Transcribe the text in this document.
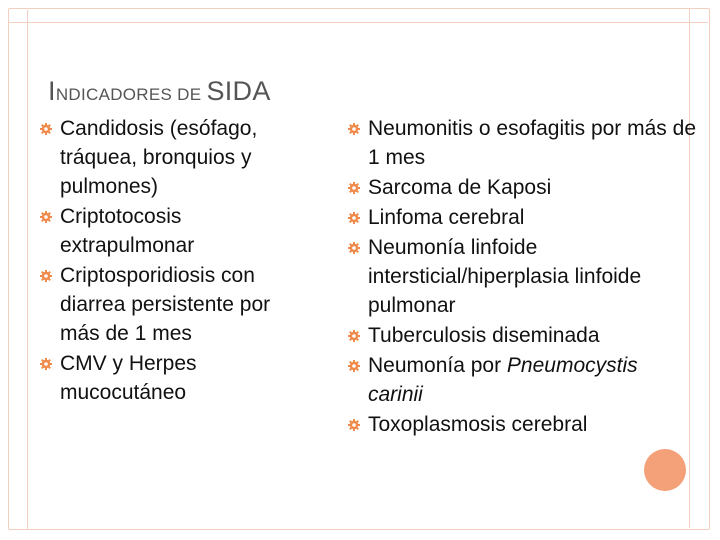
INDICADORES DE SIDA
Candidosis (esófago, tráquea, bronquios y pulmones)
Criptotocosis extrapulmonar
Criptosporidiosis con diarrea persistente por más de 1 mes
CMV y Herpes mucocutáneo
Neumonitis o esofagitis por más de 1 mes
Sarcoma de Kaposi
Linfoma cerebral
Neumonía linfoide intersticial/hiperplasia linfoide pulmonar
Tuberculosis diseminada
Neumonía por Pneumocystis carinii
Toxoplasmosis cerebral
